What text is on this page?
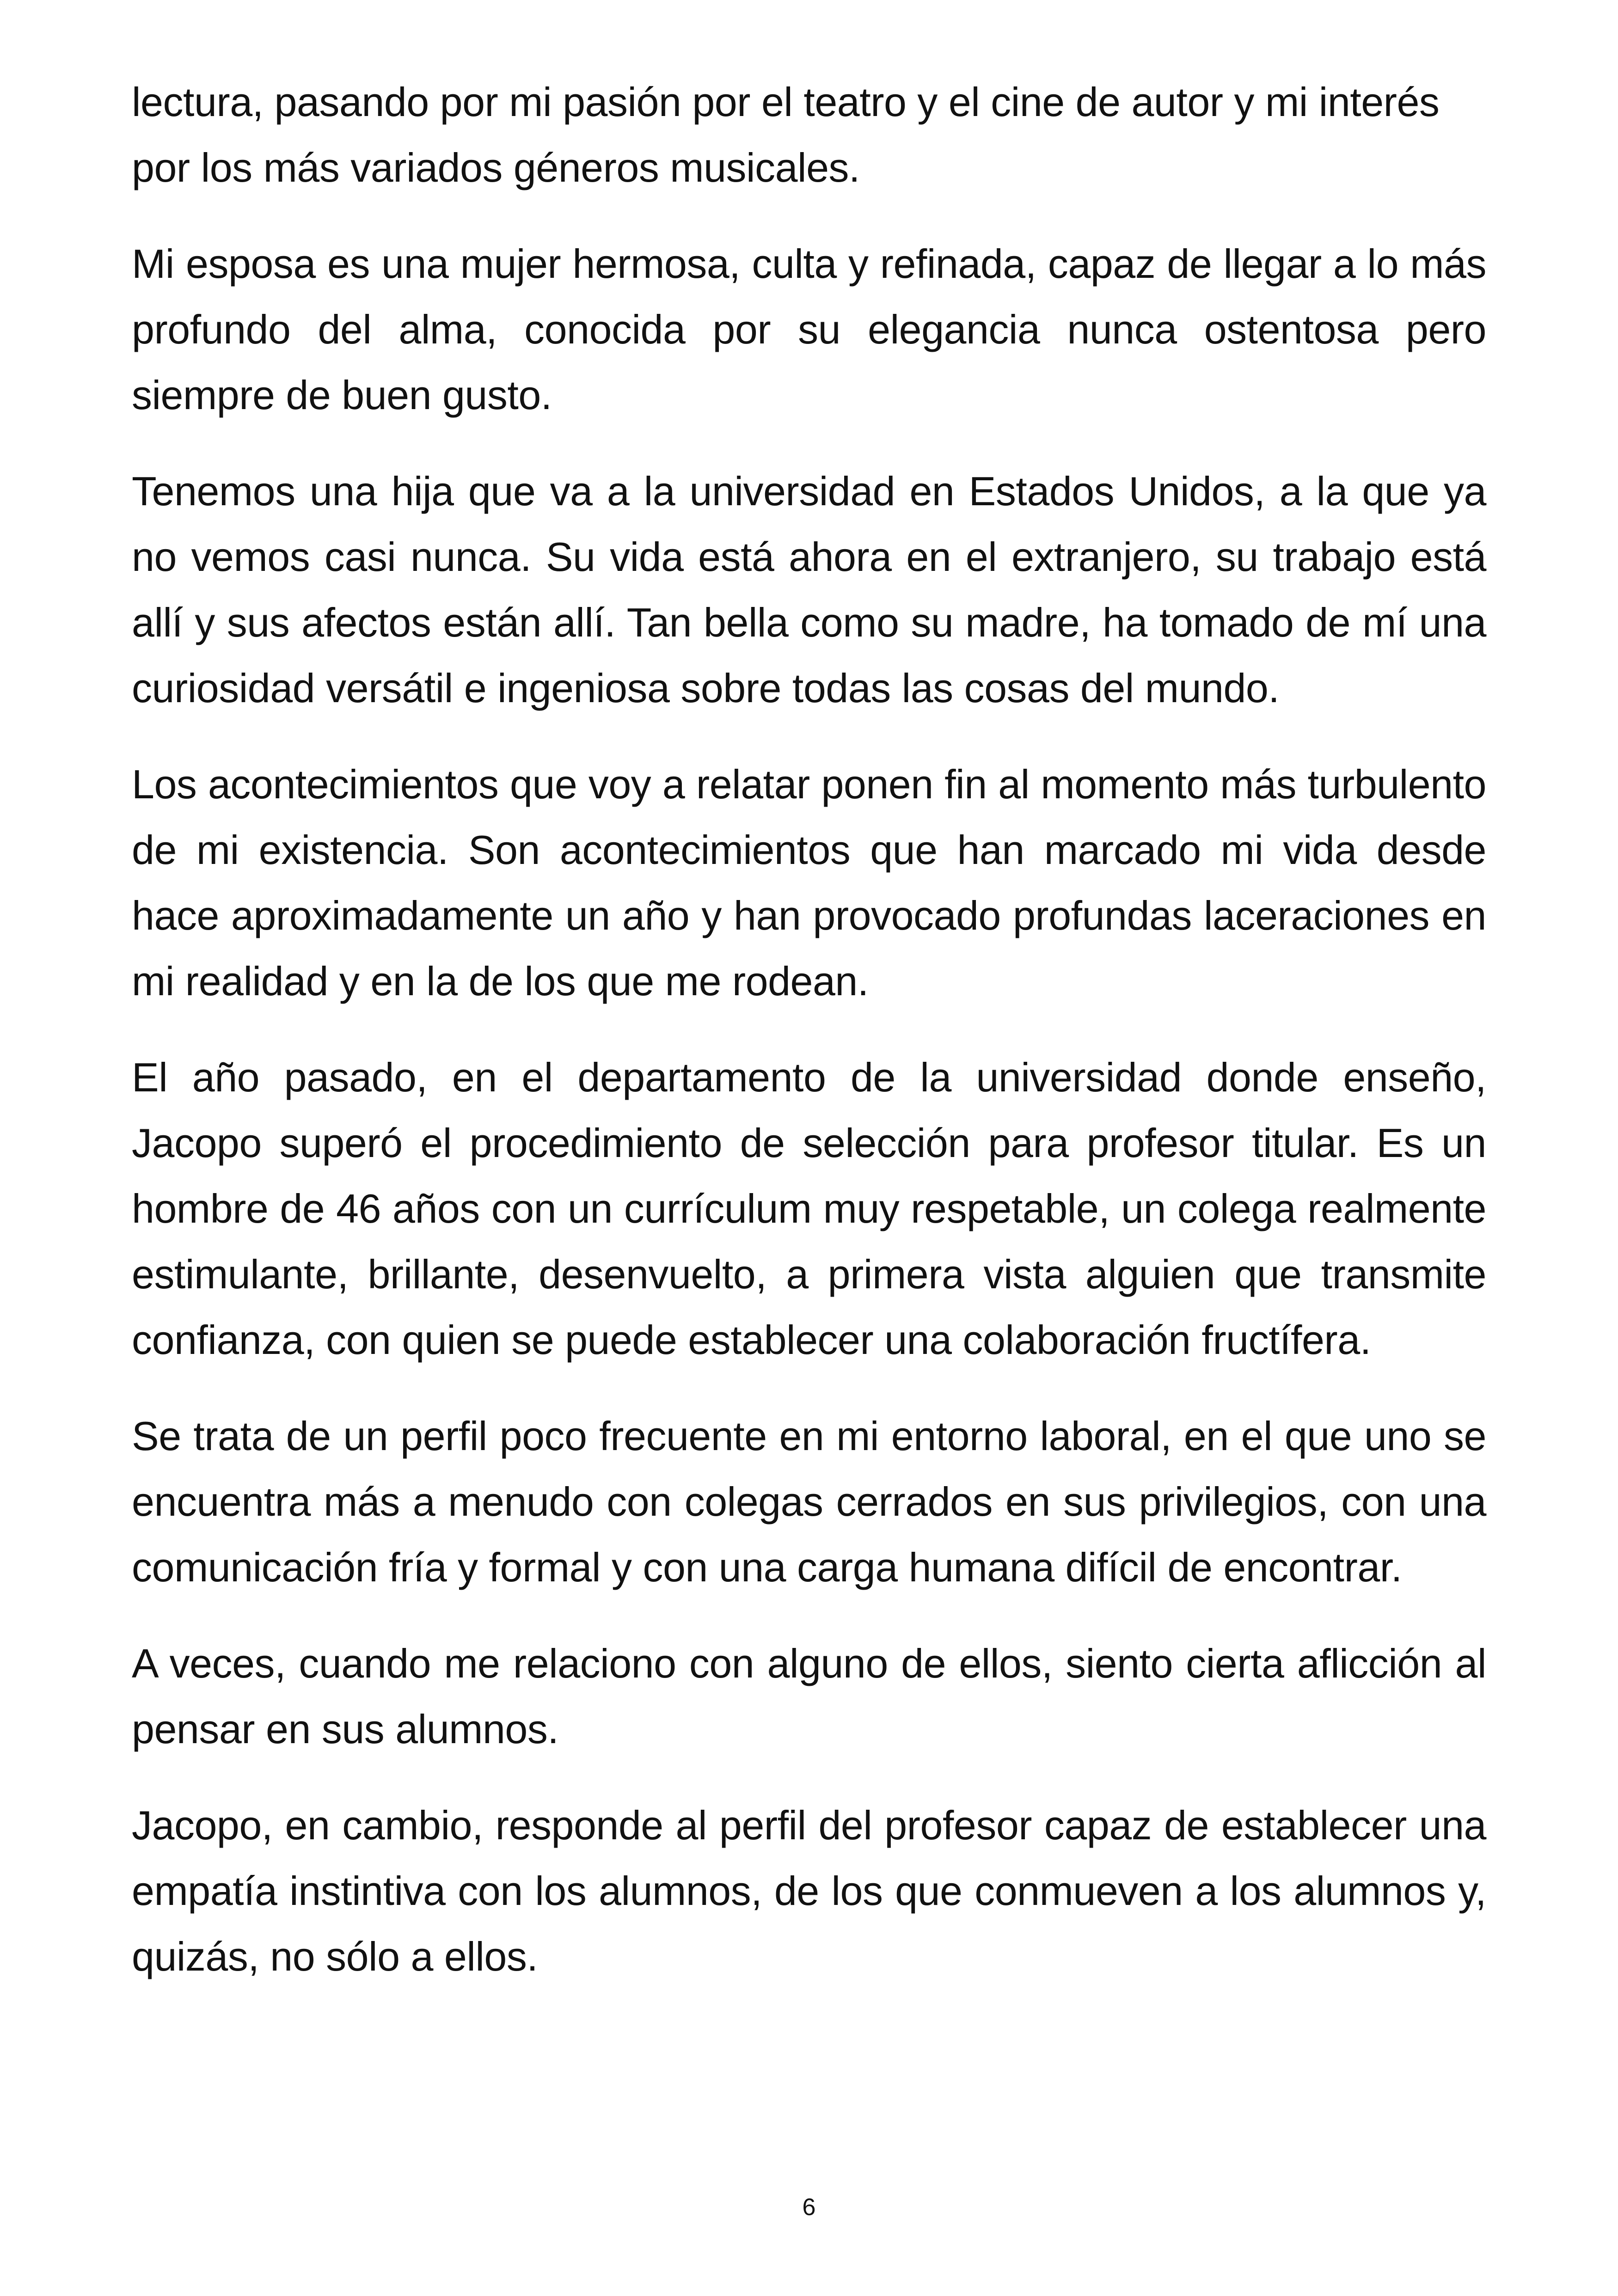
lectura, pasando por mi pasión por el teatro y el cine de autor y mi interés por los más variados géneros musicales.

Mi esposa es una mujer hermosa, culta y refinada, capaz de llegar a lo más profundo del alma, conocida por su elegancia nunca ostentosa pero siempre de buen gusto.

Tenemos una hija que va a la universidad en Estados Unidos, a la que ya no vemos casi nunca. Su vida está ahora en el extranjero, su trabajo está allí y sus afectos están allí. Tan bella como su madre, ha tomado de mí una curiosidad versátil e ingeniosa sobre todas las cosas del mundo.

Los acontecimientos que voy a relatar ponen fin al momento más turbulento de mi existencia. Son acontecimientos que han marcado mi vida desde hace aproximadamente un año y han provocado profundas laceraciones en mi realidad y en la de los que me rodean.

El año pasado, en el departamento de la universidad donde enseño, Jacopo superó el procedimiento de selección para profesor titular. Es un hombre de 46 años con un currículum muy respetable, un colega realmente estimulante, brillante, desenvuelto, a primera vista alguien que transmite confianza, con quien se puede establecer una colaboración fructífera.

Se trata de un perfil poco frecuente en mi entorno laboral, en el que uno se encuentra más a menudo con colegas cerrados en sus privilegios, con una comunicación fría y formal y con una carga humana difícil de encontrar.

A veces, cuando me relaciono con alguno de ellos, siento cierta aflicción al pensar en sus alumnos.

Jacopo, en cambio, responde al perfil del profesor capaz de establecer una empatía instintiva con los alumnos, de los que conmueven a los alumnos y, quizás, no sólo a ellos.

6
